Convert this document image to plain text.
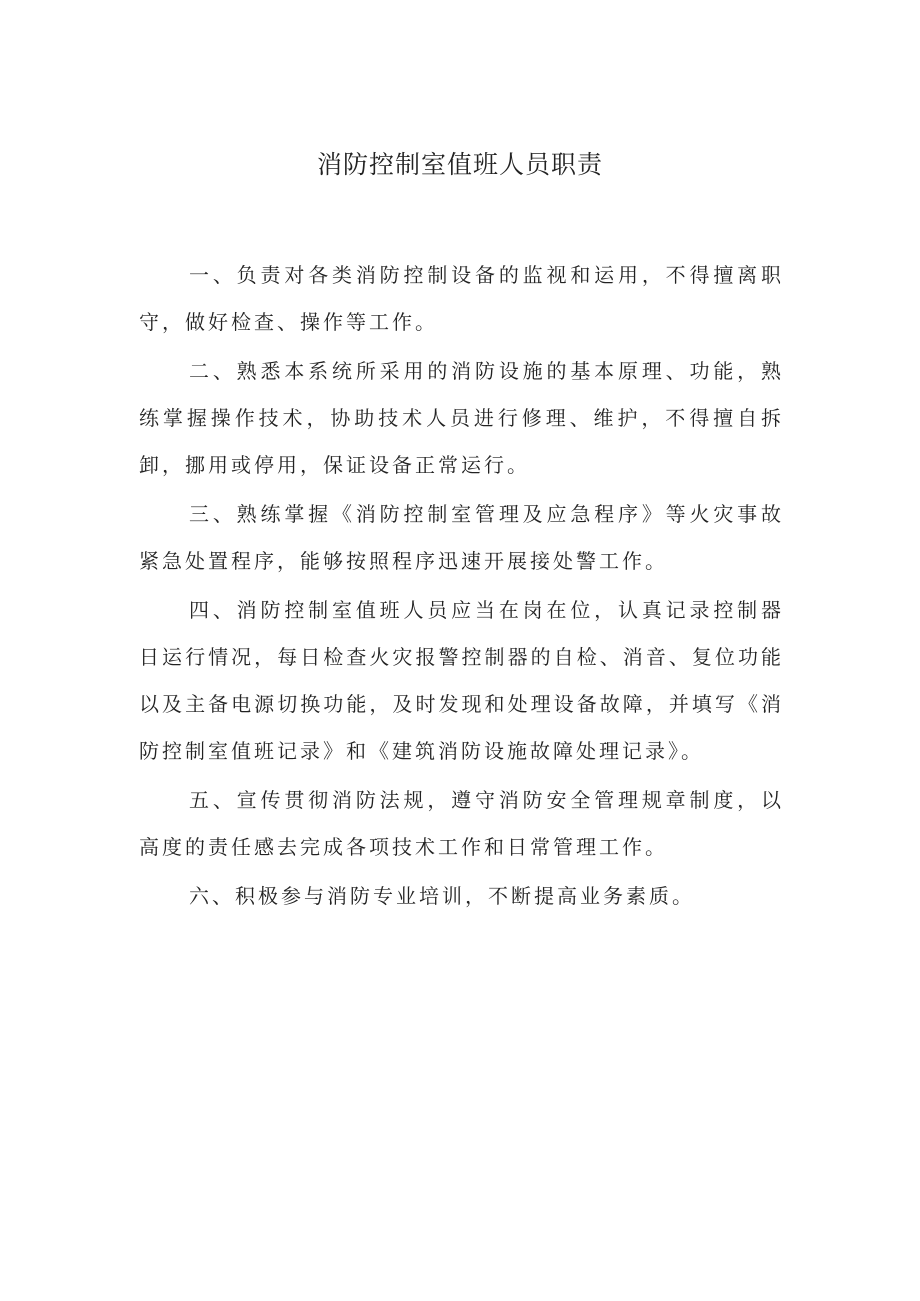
消防控制室值班人员职责

一、负责对各类消防控制设备的监视和运用，不得擅离职守，做好检查、操作等工作。

二、熟悉本系统所采用的消防设施的基本原理、功能，熟练掌握操作技术，协助技术人员进行修理、维护，不得擅自拆卸，挪用或停用，保证设备正常运行。

三、熟练掌握《消防控制室管理及应急程序》等火灾事故紧急处置程序，能够按照程序迅速开展接处警工作。

四、消防控制室值班人员应当在岗在位，认真记录控制器日运行情况，每日检查火灾报警控制器的自检、消音、复位功能以及主备电源切换功能，及时发现和处理设备故障，并填写《消防控制室值班记录》和《建筑消防设施故障处理记录》。

五、宣传贯彻消防法规，遵守消防安全管理规章制度，以高度的责任感去完成各项技术工作和日常管理工作。

六、积极参与消防专业培训，不断提高业务素质。
